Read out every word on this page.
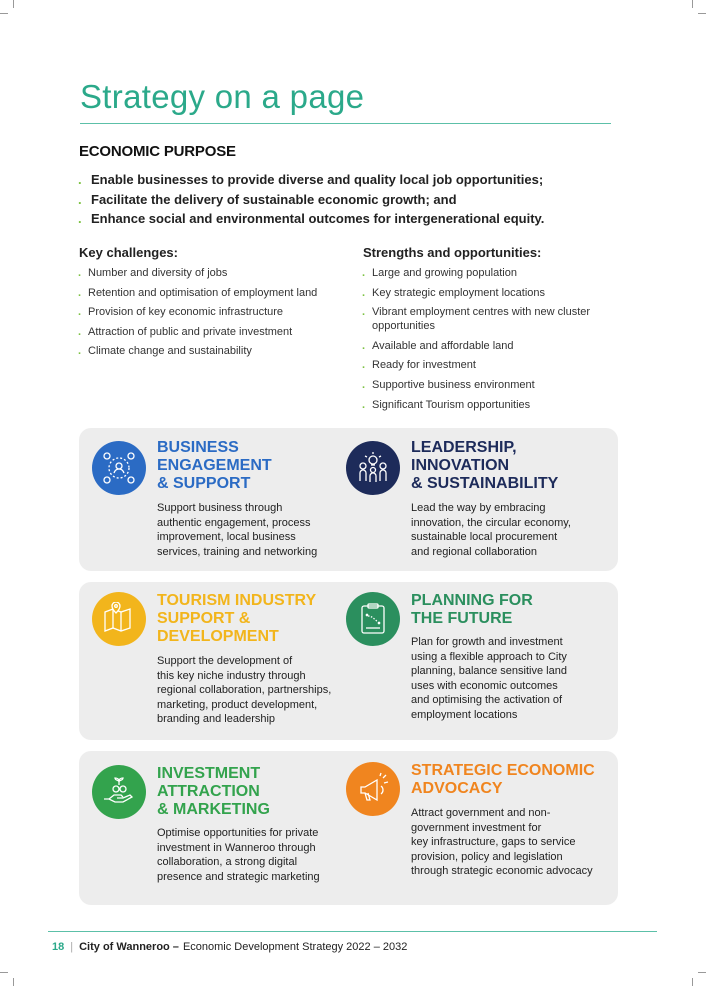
Strategy on a page
ECONOMIC PURPOSE
. Enable businesses to provide diverse and quality local job opportunities;
. Facilitate the delivery of sustainable economic growth; and
. Enhance social and environmental outcomes for intergenerational equity.
Key challenges:
. Number and diversity of jobs
. Retention and optimisation of employment land
. Provision of key economic infrastructure
. Attraction of public and private investment
. Climate change and sustainability
Strengths and opportunities:
. Large and growing population
. Key strategic employment locations
. Vibrant employment centres with new cluster opportunities
. Available and affordable land
. Ready for investment
. Supportive business environment
. Significant Tourism opportunities
BUSINESS
ENGAGEMENT
& SUPPORT

Support business through
authentic engagement, process
improvement, local business
services, training and networking

LEADERSHIP,
INNOVATION
& SUSTAINABILITY

Lead the way by embracing
innovation, the circular economy,
sustainable local procurement
and regional collaboration

TOURISM INDUSTRY
SUPPORT &
DEVELOPMENT

Support the development of
this key niche industry through
regional collaboration, partnerships,
marketing, product development,
branding and leadership

PLANNING FOR
THE FUTURE

Plan for growth and investment
using a flexible approach to City
planning, balance sensitive land
uses with economic outcomes
and optimising the activation of
employment locations

INVESTMENT
ATTRACTION
& MARKETING

Optimise opportunities for private
investment in Wanneroo through
collaboration, a strong digital
presence and strategic marketing

STRATEGIC ECONOMIC
ADVOCACY

Attract government and non-
government investment for
key infrastructure, gaps to service
provision, policy and legislation
through strategic economic advocacy

18 | City of Wanneroo – Economic Development Strategy 2022 – 2032
